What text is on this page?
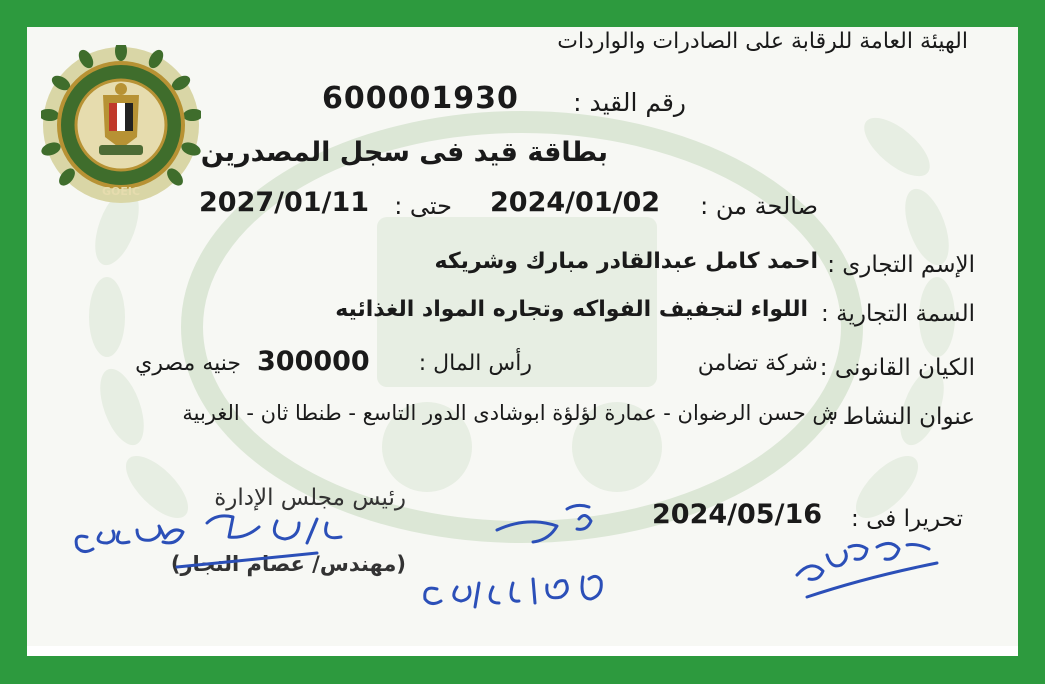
GOEIC
الهيئة العامة للرقابة على الصادرات والواردات
رقم القيد :
600001930
بطاقة قيد فى سجل المصدرين
صالحة من :
2024/01/02
حتى :
2027/01/11
الإسم التجارى :
احمد كامل عبدالقادر مبارك وشريكه
السمة التجارية :
اللواء لتجفيف الفواكه وتجاره المواد الغذائيه
الكيان القانونى :
شركة تضامن
رأس المال :
300000
جنيه مصري
عنوان النشاط :
ش حسن الرضوان - عمارة لؤلؤة ابوشادى الدور التاسع - طنطا ثان - الغربية
تحريرا فى :
2024/05/16
رئيس مجلس الإدارة
(مهندس/ عصام النجار)
